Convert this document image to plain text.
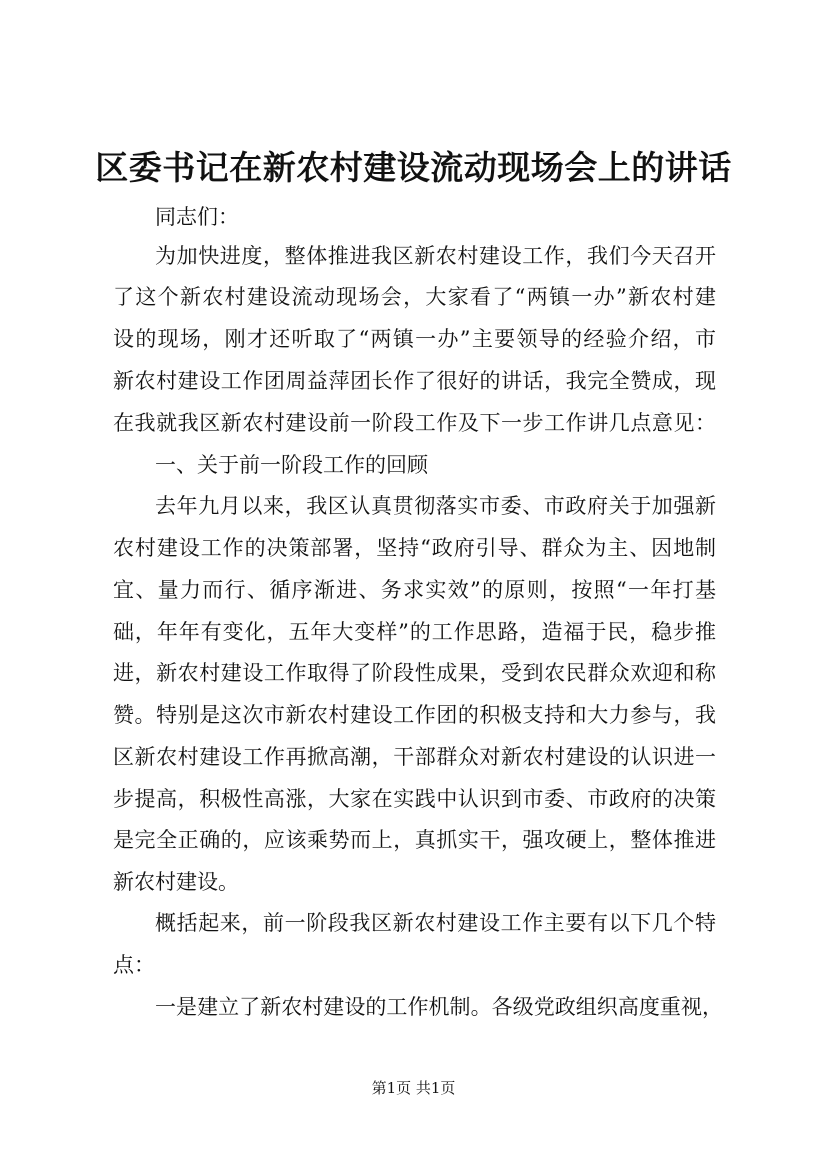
区委书记在新农村建设流动现场会上的讲话
同志们：
为加快进度，整体推进我区新农村建设工作，我们今天召开
了这个新农村建设流动现场会，大家看了“两镇一办”新农村建
设的现场，刚才还听取了“两镇一办”主要领导的经验介绍，市
新农村建设工作团周益萍团长作了很好的讲话，我完全赞成，现
在我就我区新农村建设前一阶段工作及下一步工作讲几点意见：
一、关于前一阶段工作的回顾
去年九月以来，我区认真贯彻落实市委、市政府关于加强新
农村建设工作的决策部署，坚持“政府引导、群众为主、因地制
宜、量力而行、循序渐进、务求实效”的原则，按照“一年打基
础，年年有变化，五年大变样”的工作思路，造福于民，稳步推
进，新农村建设工作取得了阶段性成果，受到农民群众欢迎和称
赞。特别是这次市新农村建设工作团的积极支持和大力参与，我
区新农村建设工作再掀高潮，干部群众对新农村建设的认识进一
步提高，积极性高涨，大家在实践中认识到市委、市政府的决策
是完全正确的，应该乘势而上，真抓实干，强攻硬上，整体推进
新农村建设。
概括起来，前一阶段我区新农村建设工作主要有以下几个特
点：
一是建立了新农村建设的工作机制。各级党政组织高度重视，
第1页 共1页
